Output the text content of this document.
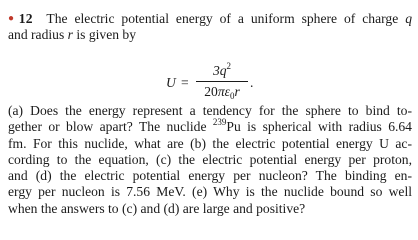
●12 The electric potential energy of a uniform sphere of charge q
and radius r is given by
U =
$3q^2$
$20\pi\varepsilon_0r$
.
(a) Does the energy represent a tendency for the sphere to bind to-
gether or blow apart? The nuclide $^{239}$Pu is spherical with radius 6.64
fm. For this nuclide, what are (b) the electric potential energy U ac-
cording to the equation, (c) the electric potential energy per proton,
and (d) the electric potential energy per nucleon? The binding en-
ergy per nucleon is 7.56 MeV. (e) Why is the nuclide bound so well
when the answers to (c) and (d) are large and positive?
